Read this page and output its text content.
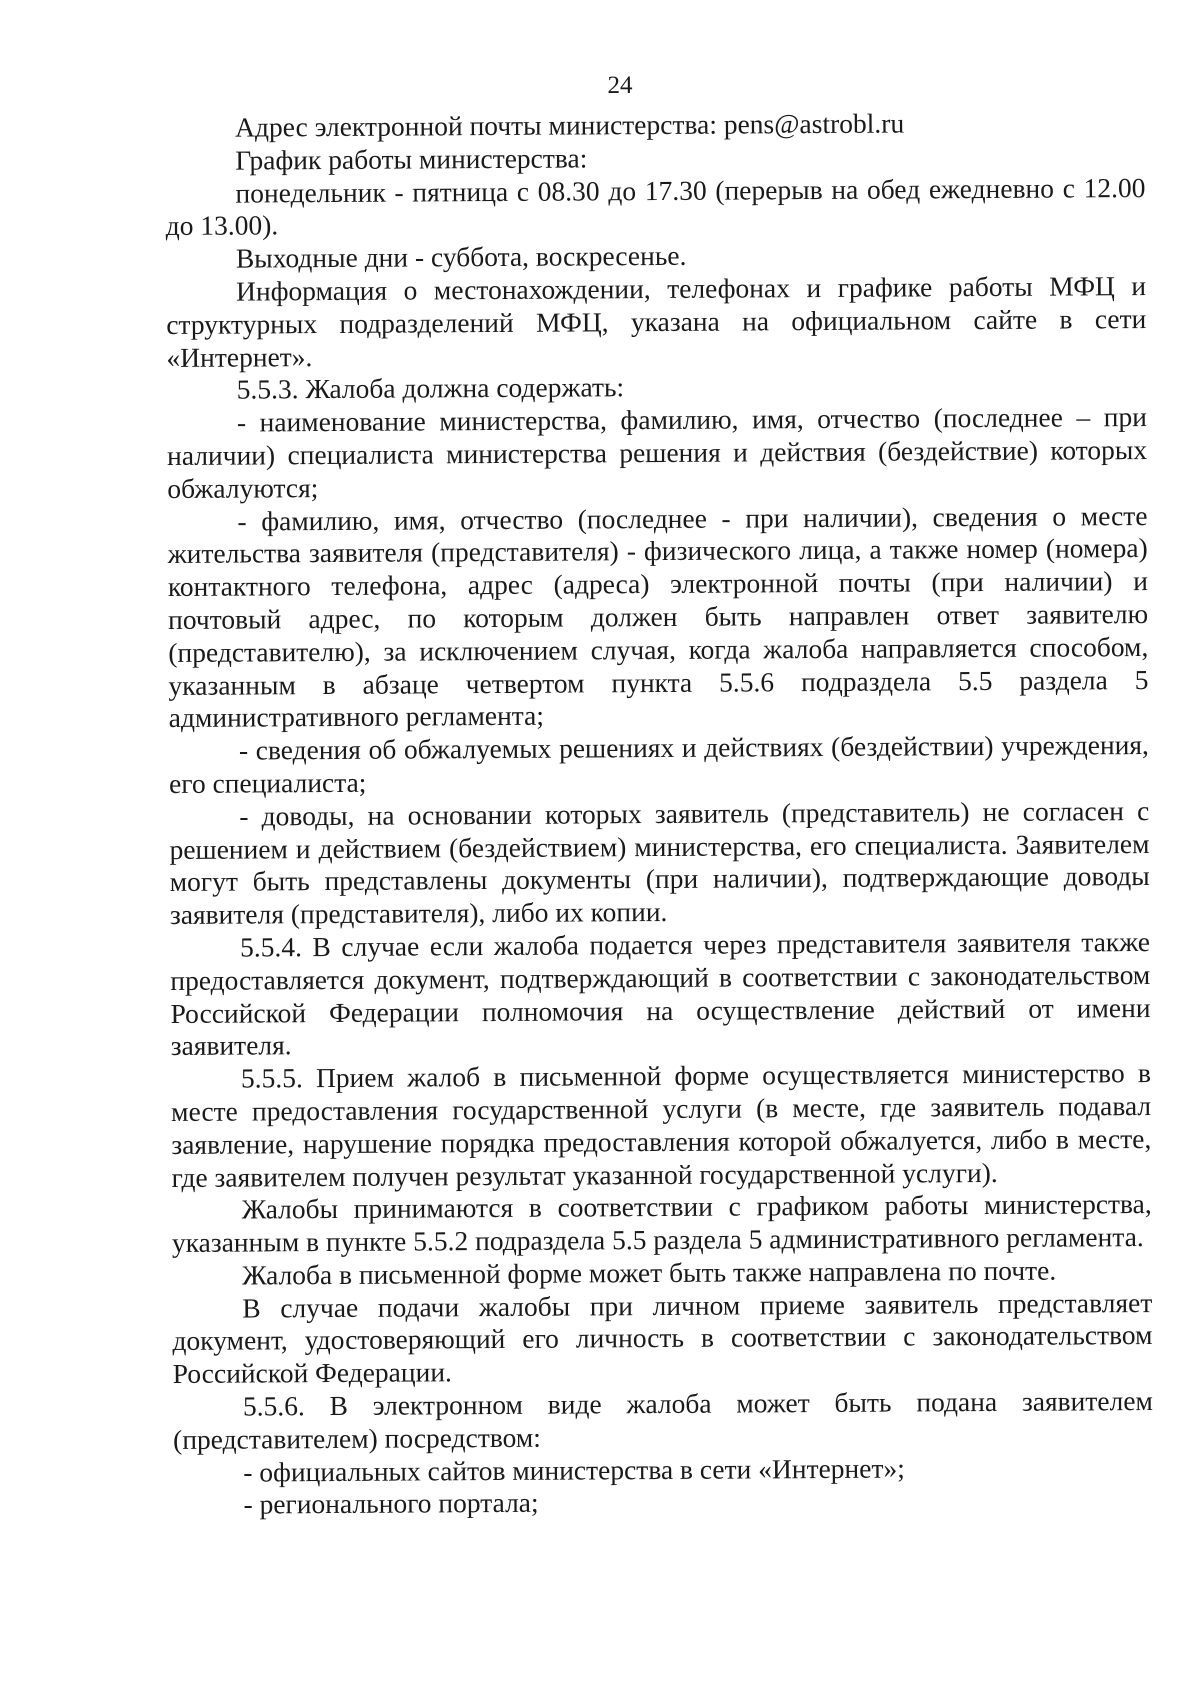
24

Адрес электронной почты министерства: pens@astrobl.ru

График работы министерства:

понедельник - пятница с 08.30 до 17.30 (перерыв на обед ежедневно с 12.00 до 13.00).

Выходные дни - суббота, воскресенье.

Информация о местонахождении, телефонах и графике работы МФЦ и структурных подразделений МФЦ, указана на официальном сайте в сети «Интернет».

5.5.3. Жалоба должна содержать:

- наименование министерства, фамилию, имя, отчество (последнее – при наличии) специалиста министерства решения и действия (бездействие) которых обжалуются;

- фамилию, имя, отчество (последнее - при наличии), сведения о месте жительства заявителя (представителя) - физического лица, а также номер (номера) контактного телефона, адрес (адреса) электронной почты (при наличии) и почтовый адрес, по которым должен быть направлен ответ заявителю (представителю), за исключением случая, когда жалоба направляется способом, указанным в абзаце четвертом пункта 5.5.6 подраздела 5.5 раздела 5 административного регламента;

- сведения об обжалуемых решениях и действиях (бездействии) учреждения, его специалиста;

- доводы, на основании которых заявитель (представитель) не согласен с решением и действием (бездействием) министерства, его специалиста. Заявителем могут быть представлены документы (при наличии), подтверждающие доводы заявителя (представителя), либо их копии.

5.5.4. В случае если жалоба подается через представителя заявителя также предоставляется документ, подтверждающий в соответствии с законодательством Российской Федерации полномочия на осуществление действий от имени заявителя.

5.5.5. Прием жалоб в письменной форме осуществляется министерство в месте предоставления государственной услуги (в месте, где заявитель подавал заявление, нарушение порядка предоставления которой обжалуется, либо в месте, где заявителем получен результат указанной государственной услуги).

Жалобы принимаются в соответствии с графиком работы министерства, указанным в пункте 5.5.2 подраздела 5.5 раздела 5 административного регламента.

Жалоба в письменной форме может быть также направлена по почте.

В случае подачи жалобы при личном приеме заявитель представляет документ, удостоверяющий его личность в соответствии с законодательством Российской Федерации.

5.5.6. В электронном виде жалоба может быть подана заявителем (представителем) посредством:

- официальных сайтов министерства в сети «Интернет»;

- регионального портала;
